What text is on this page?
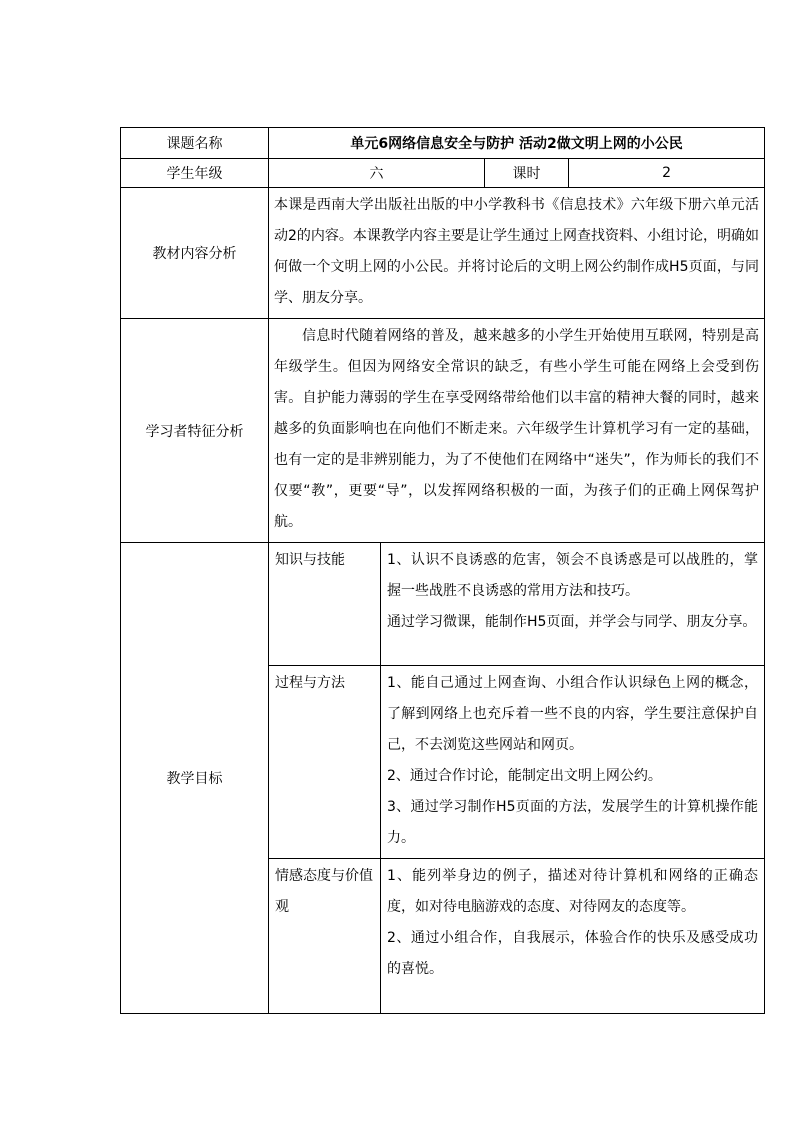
课题名称	单元6网络信息安全与防护 活动2做文明上网的小公民			
学生年级	六		课时	2
教材内容分析	本课是西南大学出版社出版的中小学教科书《信息技术》六年级下册六单元活动2的内容。本课教学内容主要是让学生通过上网查找资料、小组讨论，明确如何做一个文明上网的小公民。并将讨论后的文明上网公约制作成H5页面，与同学、朋友分享。			
学习者特征分析	信息时代随着网络的普及，越来越多的小学生开始使用互联网，特别是高年级学生。但因为网络安全常识的缺乏，有些小学生可能在网络上会受到伤害。自护能力薄弱的学生在享受网络带给他们以丰富的精神大餐的同时，越来越多的负面影响也在向他们不断走来。六年级学生计算机学习有一定的基础，也有一定的是非辨别能力，为了不使他们在网络中“迷失”，作为师长的我们不仅要“教”，更要“导”，以发挥网络积极的一面，为孩子们的正确上网保驾护航。			
教学目标	知识与技能	1、认识不良诱惑的危害，领会不良诱惑是可以战胜的，掌握一些战胜不良诱惑的常用方法和技巧。

通过学习微课，能制作H5页面，并学会与同学、朋友分享。		

	过程与方法	1、能自己通过上网查询、小组合作认识绿色上网的概念，了解到网络上也充斥着一些不良的内容，学生要注意保护自己，不去浏览这些网站和网页。

2、通过合作讨论，能制定出文明上网公约。

3、通过学习制作H5页面的方法，发展学生的计算机操作能力。		

	情感态度与价值观	1、能列举身边的例子，描述对待计算机和网络的正确态度，如对待电脑游戏的态度、对待网友的态度等。

2、通过小组合作，自我展示，体验合作的快乐及感受成功的喜悦。		
